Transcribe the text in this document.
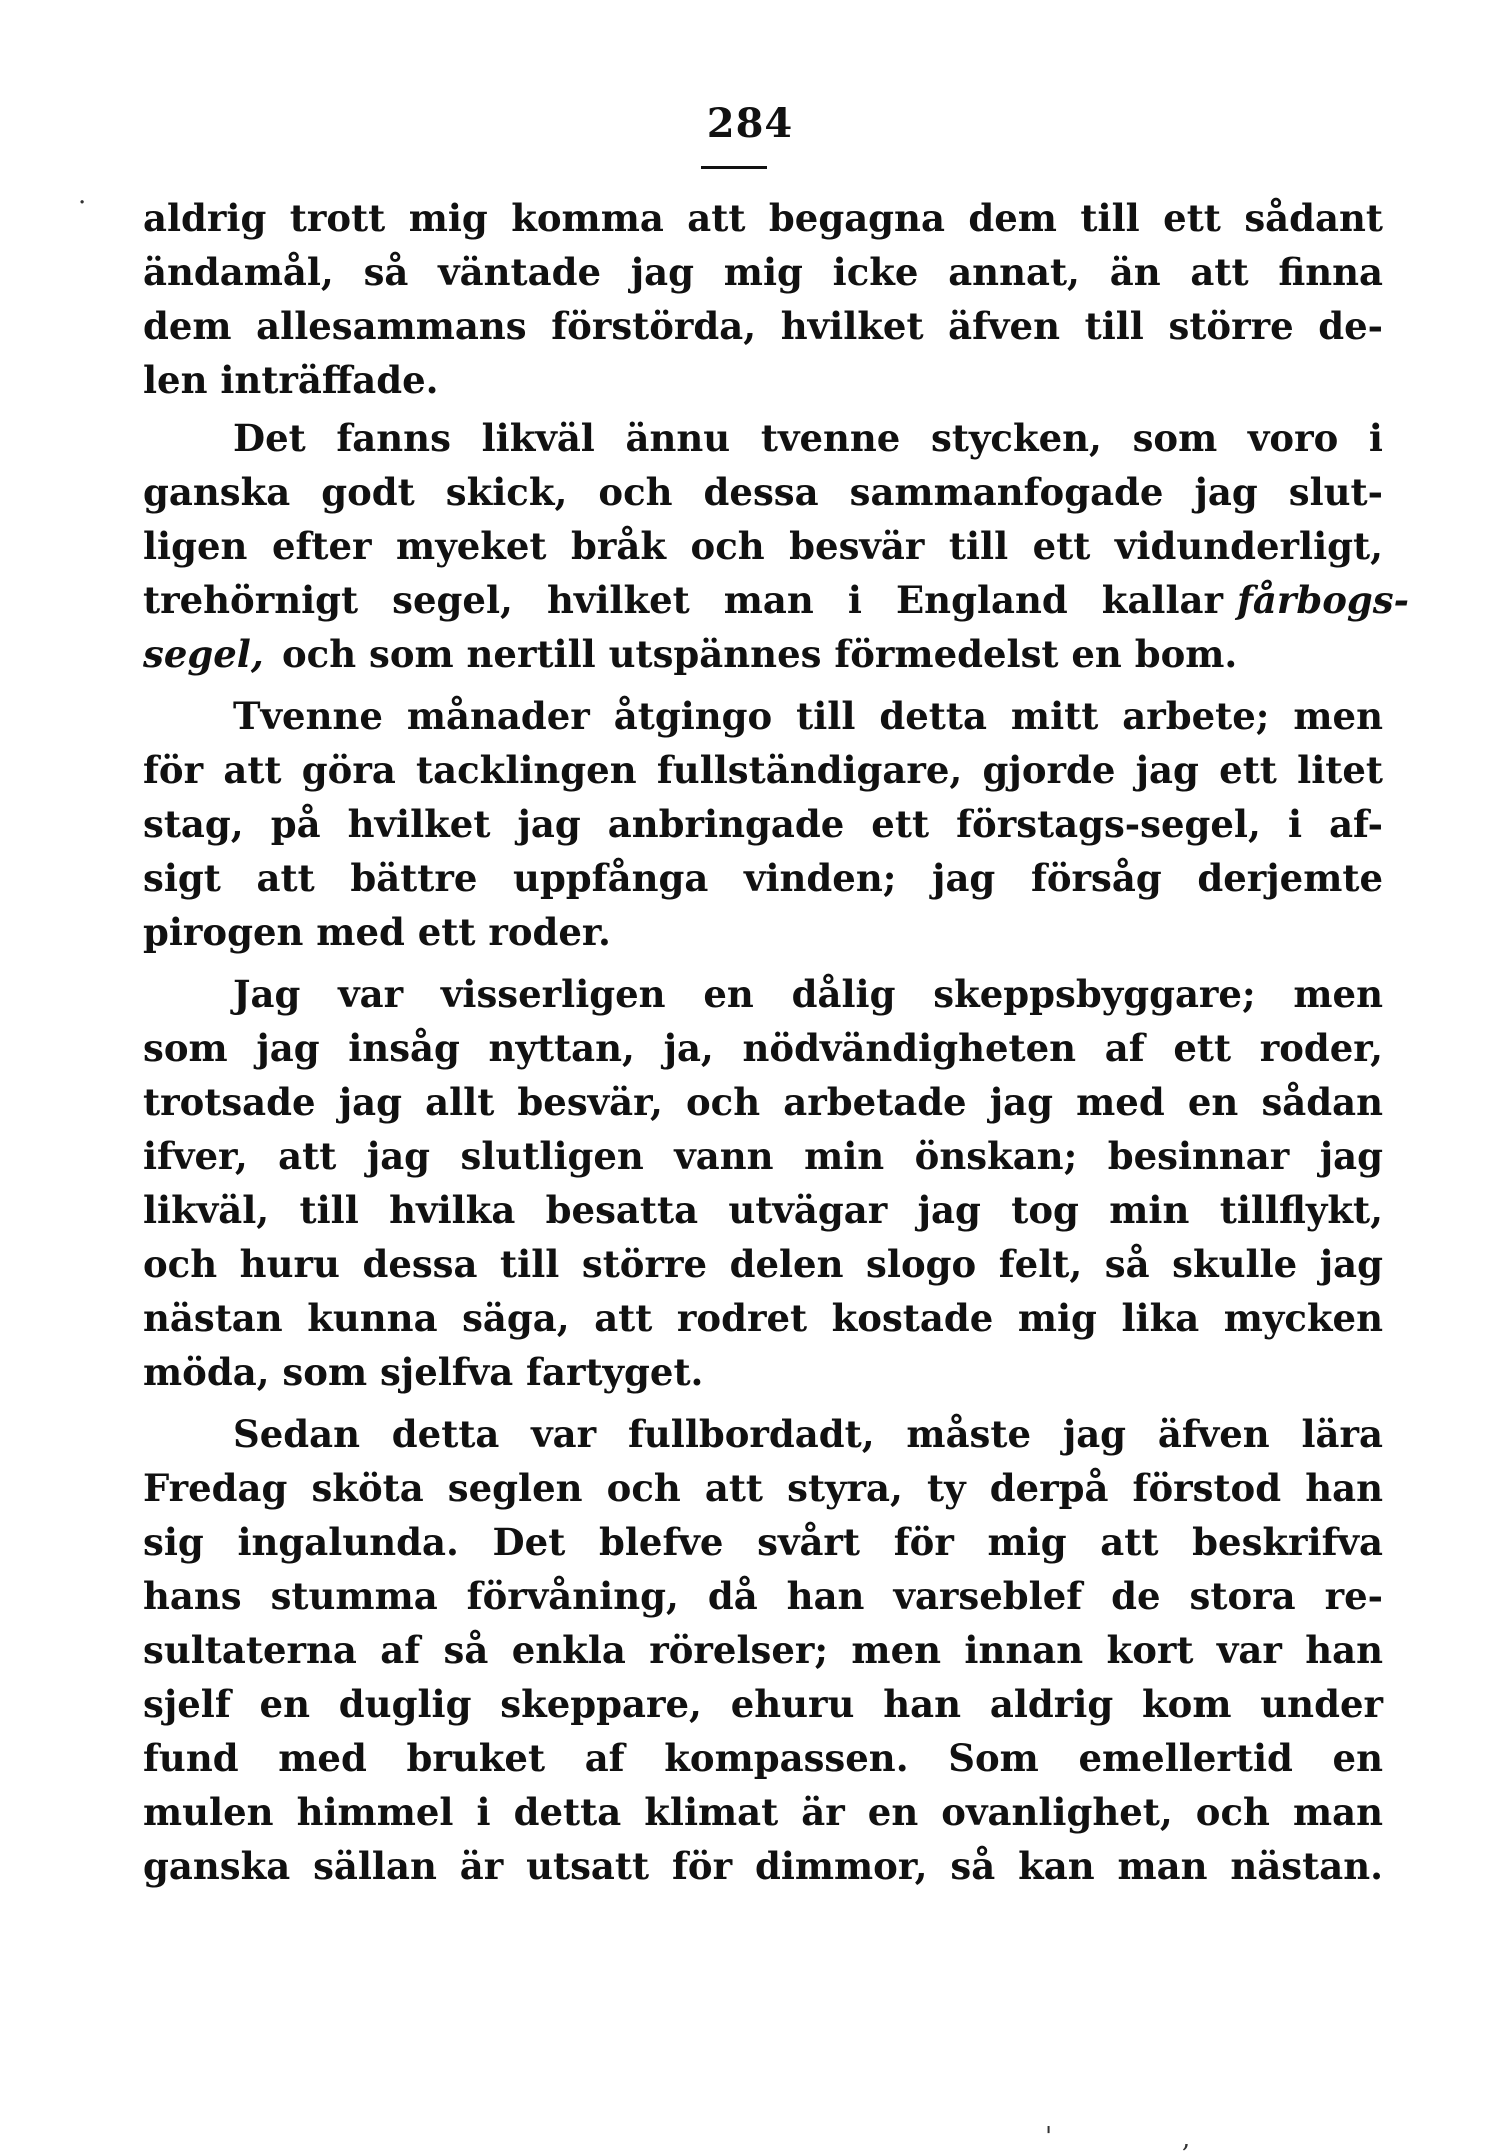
284
aldrig trott mig komma att begagna dem till ett sådant
ändamål, så väntade jag mig icke annat, än att finna
dem allesammans förstörda, hvilket äfven till större de-
len inträffade.
Det fanns likväl ännu tvenne stycken, som voro i
ganska godt skick, och dessa sammanfogade jag slut-
ligen efter myeket bråk och besvär till ett vidunderligt,
trehörnigt segel, hvilket man i England kallar fårbogs-
segel, och som nertill utspännes förmedelst en bom.
Tvenne månader åtgingo till detta mitt arbete; men
för att göra tacklingen fullständigare, gjorde jag ett litet
stag, på hvilket jag anbringade ett förstags-segel, i af-
sigt att bättre uppfånga vinden; jag försåg derjemte
pirogen med ett roder.
Jag var visserligen en dålig skeppsbyggare; men
som jag insåg nyttan, ja, nödvändigheten af ett roder,
trotsade jag allt besvär, och arbetade jag med en sådan
ifver, att jag slutligen vann min önskan; besinnar jag
likväl, till hvilka besatta utvägar jag tog min tillflykt,
och huru dessa till större delen slogo felt, så skulle jag
nästan kunna säga, att rodret kostade mig lika mycken
möda, som sjelfva fartyget.
Sedan detta var fullbordadt, måste jag äfven lära
Fredag sköta seglen och att styra, ty derpå förstod han
sig ingalunda. Det blefve svårt för mig att beskrifva
hans stumma förvåning, då han varseblef de stora re-
sultaterna af så enkla rörelser; men innan kort var han
sjelf en duglig skeppare, ehuru han aldrig kom under
fund med bruket af kompassen. Som emellertid en
mulen himmel i detta klimat är en ovanlighet, och man
ganska sällan är utsatt för dimmor, så kan man nästan.
·
'	,
